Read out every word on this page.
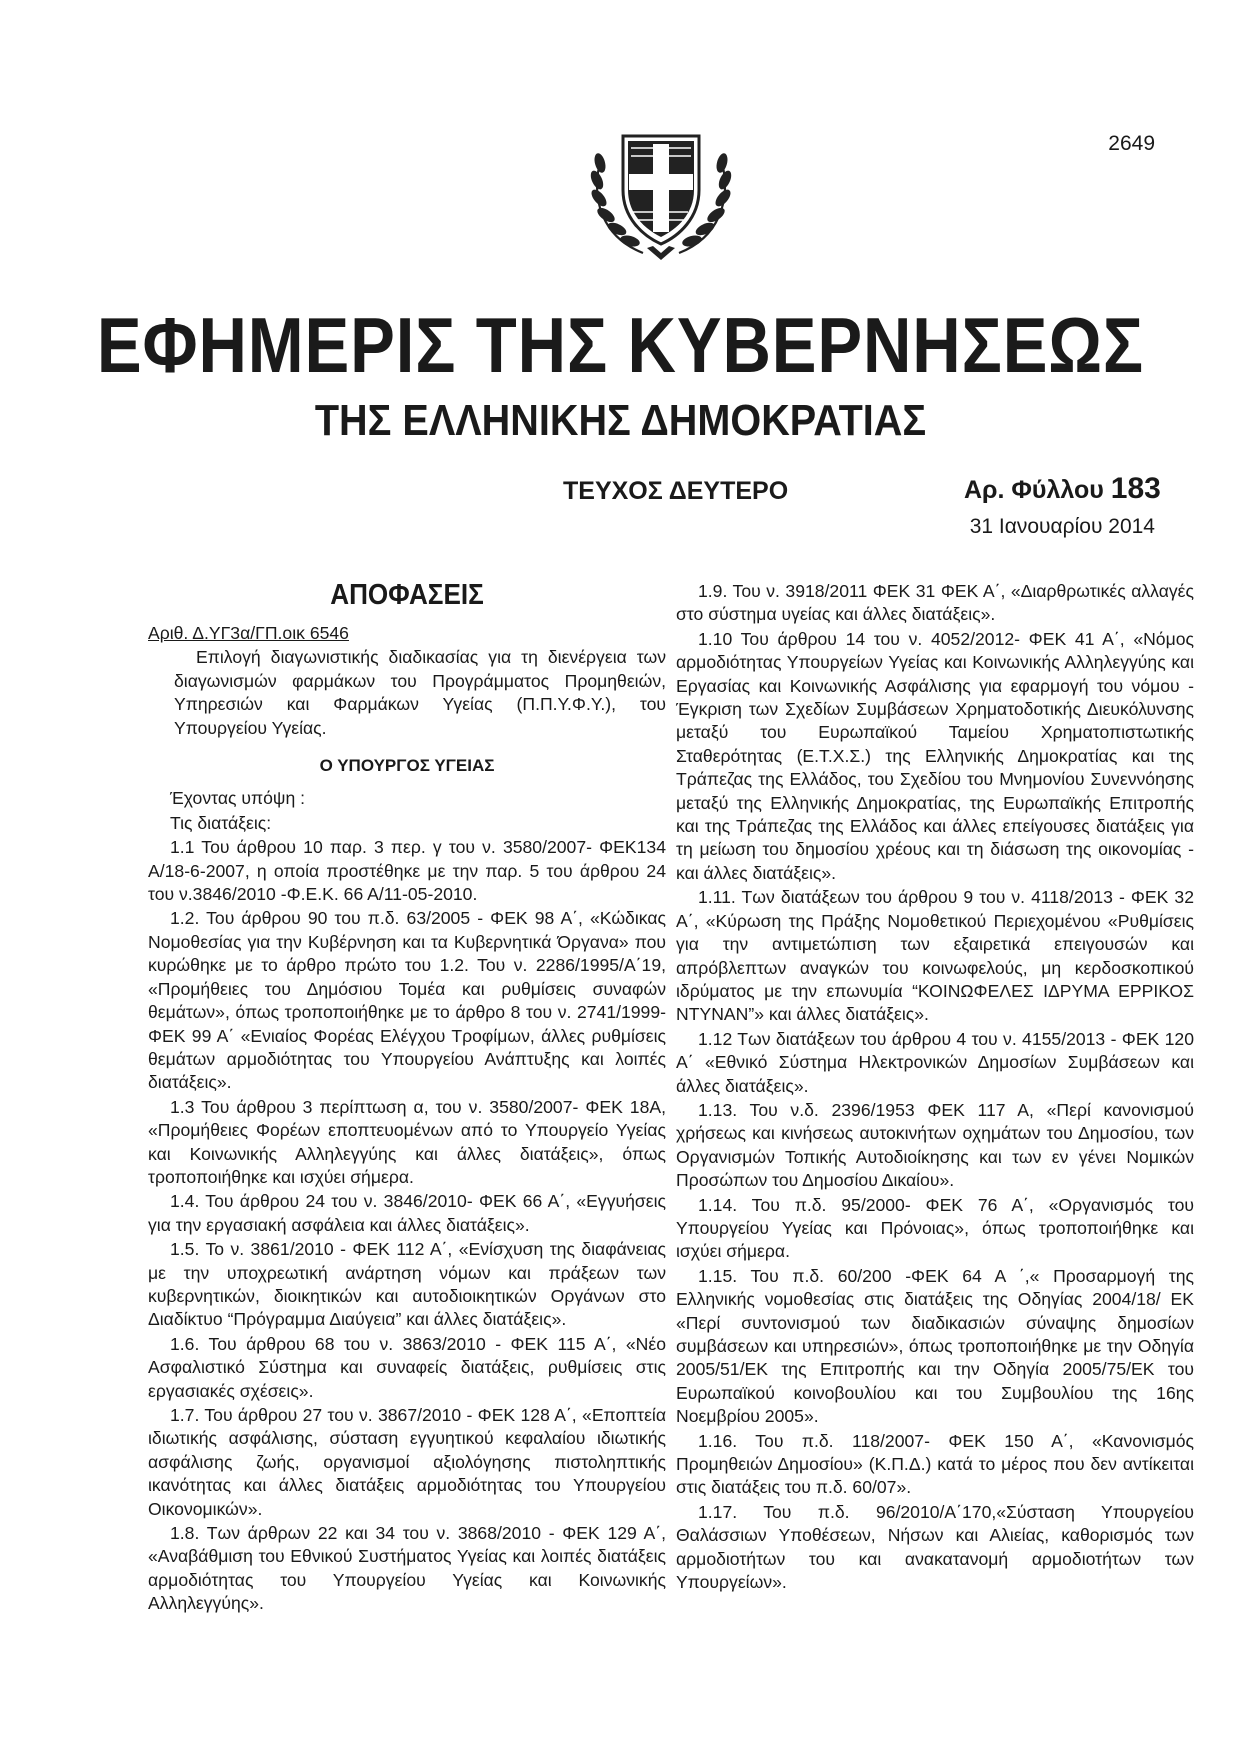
2649
ΕΦΗΜΕΡΙΣ ΤΗΣ ΚΥΒΕΡΝΗΣΕΩΣ
ΤΗΣ ΕΛΛΗΝΙΚΗΣ ΔΗΜΟΚΡΑΤΙΑΣ
ΤΕΥΧΟΣ ΔΕΥΤΕΡΟ	Αρ. Φύλλου 183
31 Ιανουαρίου 2014
ΑΠΟΦΑΣΕΙΣ

Αριθ. Δ.ΥΓ3α/ΓΠ.οικ 6546

Επιλογή διαγωνιστικής διαδικασίας για τη διενέργεια των διαγωνισμών φαρμάκων του Προγράμματος Προμηθειών, Υπηρεσιών και Φαρμάκων Υγείας (Π.Π.Υ.Φ.Υ.), του Υπουργείου Υγείας.

Ο ΥΠΟΥΡΓΟΣ ΥΓΕΙΑΣ

Έχοντας υπόψη :

Τις διατάξεις:

1.1 Του άρθρου 10 παρ. 3 περ. γ του ν. 3580/2007- ΦΕΚ134 Α/18-6-2007, η οποία προστέθηκε με την παρ. 5 του άρθρου 24 του ν.3846/2010 -Φ.Ε.Κ. 66 Α/11-05-2010.

1.2. Του άρθρου 90 του π.δ. 63/2005 - ΦΕΚ 98 Α΄, «Κώδικας Νομοθεσίας για την Κυβέρνηση και τα Κυβερνητικά Όργανα» που κυρώθηκε με το άρθρο πρώτο του 1.2. Του ν. 2286/1995/Α΄19, «Προμήθειες του Δημόσιου Τομέα και ρυθμίσεις συναφών θεμάτων», όπως τροποποιήθηκε με το άρθρο 8 του ν. 2741/1999- ΦΕΚ 99 Α΄ «Ενιαίος Φορέας Ελέγχου Τροφίμων, άλλες ρυθμίσεις θεμάτων αρμοδιότητας του Υπουργείου Ανάπτυξης και λοιπές διατάξεις».

1.3 Του άρθρου 3 περίπτωση α, του ν. 3580/2007- ΦΕΚ 18Α, «Προμήθειες Φορέων εποπτευομένων από το Υπουργείο Υγείας και Κοινωνικής Αλληλεγγύης και άλλες διατάξεις», όπως τροποποιήθηκε και ισχύει σήμερα.

1.4. Του άρθρου 24 του ν. 3846/2010- ΦΕΚ 66 Α΄, «Εγγυήσεις για την εργασιακή ασφάλεια και άλλες διατάξεις».

1.5. Το ν. 3861/2010 - ΦΕΚ 112 Α΄, «Ενίσχυση της διαφάνειας με την υποχρεωτική ανάρτηση νόμων και πράξεων των κυβερνητικών, διοικητικών και αυτοδιοικητικών Οργάνων στο Διαδίκτυο “Πρόγραμμα Διαύγεια” και άλλες διατάξεις».

1.6. Του άρθρου 68 του ν. 3863/2010 - ΦΕΚ 115 Α΄, «Νέο Ασφαλιστικό Σύστημα και συναφείς διατάξεις, ρυθμίσεις στις εργασιακές σχέσεις».

1.7. Του άρθρου 27 του ν. 3867/2010 - ΦΕΚ 128 Α΄, «Εποπτεία ιδιωτικής ασφάλισης, σύσταση εγγυητικού κεφαλαίου ιδιωτικής ασφάλισης ζωής, οργανισμοί αξιολόγησης πιστοληπτικής ικανότητας και άλλες διατάξεις αρμοδιότητας του Υπουργείου Οικονομικών».

1.8. Των άρθρων 22 και 34 του ν. 3868/2010 - ΦΕΚ 129 Α΄, «Αναβάθμιση του Εθνικού Συστήματος Υγείας και λοιπές διατάξεις αρμοδιότητας του Υπουργείου Υγείας και Κοινωνικής Αλληλεγγύης».

1.9. Του ν. 3918/2011 ΦΕΚ 31 ΦΕΚ Α΄, «Διαρθρωτικές αλλαγές στο σύστημα υγείας και άλλες διατάξεις».

1.10 Του άρθρου 14 του ν. 4052/2012- ΦΕΚ 41 Α΄, «Νόμος αρμοδιότητας Υπουργείων Υγείας και Κοινωνικής Αλληλεγγύης και Εργασίας και Κοινωνικής Ασφάλισης για εφαρμογή του νόμου - Έγκριση των Σχεδίων Συμβάσεων Χρηματοδοτικής Διευκόλυνσης μεταξύ του Ευρωπαϊκού Ταμείου Χρηματοπιστωτικής Σταθερότητας (Ε.Τ.Χ.Σ.) της Ελληνικής Δημοκρατίας και της Τράπεζας της Ελλάδος, του Σχεδίου του Μνημονίου Συνεννόησης μεταξύ της Ελληνικής Δημοκρατίας, της Ευρωπαϊκής Επιτροπής και της Τράπεζας της Ελλάδος και άλλες επείγουσες διατάξεις για τη μείωση του δημοσίου χρέους και τη διάσωση της οικονομίας - και άλλες διατάξεις».

1.11. Των διατάξεων του άρθρου 9 του ν. 4118/2013 - ΦΕΚ 32 Α΄, «Κύρωση της Πράξης Νομοθετικού Περιεχομένου «Ρυθμίσεις για την αντιμετώπιση των εξαιρετικά επειγουσών και απρόβλεπτων αναγκών του κοινωφελούς, μη κερδοσκοπικού ιδρύματος με την επωνυμία “ΚΟΙΝΩΦΕΛΕΣ ΙΔΡΥΜΑ ΕΡΡΙΚΟΣ ΝΤΥΝΑΝ”» και άλλες διατάξεις».

1.12 Των διατάξεων του άρθρου 4 του ν. 4155/2013 - ΦΕΚ 120 Α΄ «Εθνικό Σύστημα Ηλεκτρονικών Δημοσίων Συμβάσεων και άλλες διατάξεις».

1.13. Του ν.δ. 2396/1953 ΦΕΚ 117 Α, «Περί κανονισμού χρήσεως και κινήσεως αυτοκινήτων οχημάτων του Δημοσίου, των Οργανισμών Τοπικής Αυτοδιοίκησης και των εν γένει Νομικών Προσώπων του Δημοσίου Δικαίου».

1.14. Του π.δ. 95/2000- ΦΕΚ 76 Α΄, «Οργανισμός του Υπουργείου Υγείας και Πρόνοιας», όπως τροποποιήθηκε και ισχύει σήμερα.

1.15. Του π.δ. 60/200 -ΦΕΚ 64 Α ΄,« Προσαρμογή της Ελληνικής νομοθεσίας στις διατάξεις της Οδηγίας 2004/18/ ΕΚ «Περί συντονισμού των διαδικασιών σύναψης δημοσίων συμβάσεων και υπηρεσιών», όπως τροποποιήθηκε με την Οδηγία 2005/51/ΕΚ της Επιτροπής και την Οδηγία 2005/75/ΕΚ του Ευρωπαϊκού κοινοβουλίου και του Συμβουλίου της 16ης Νοεμβρίου 2005».

1.16. Του π.δ. 118/2007- ΦΕΚ 150 Α΄, «Κανονισμός Προμηθειών Δημοσίου» (Κ.Π.Δ.) κατά το μέρος που δεν αντίκειται στις διατάξεις του π.δ. 60/07».

1.17. Του π.δ. 96/2010/Α΄170,«Σύσταση Υπουργείου Θαλάσσιων Υποθέσεων, Νήσων και Αλιείας, καθορισμός των αρμοδιοτήτων του και ανακατανομή αρμοδιοτήτων των Υπουργείων».
